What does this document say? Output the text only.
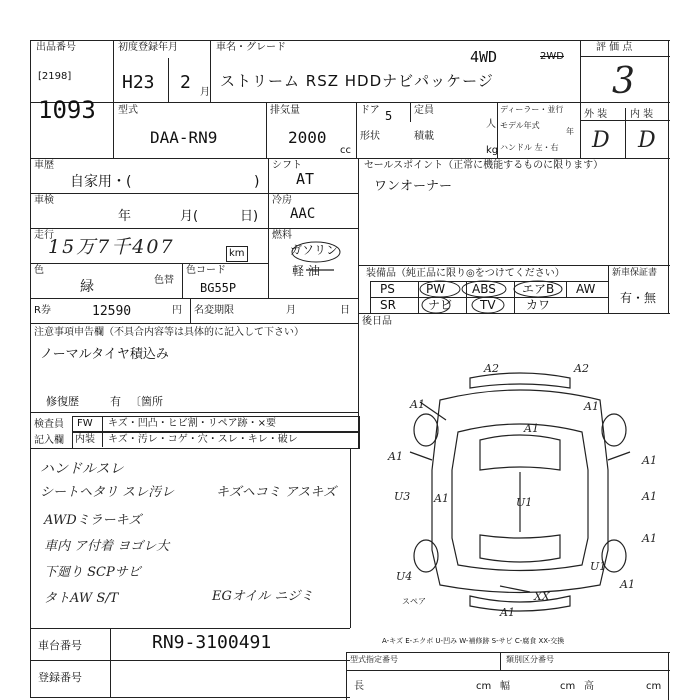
出品番号
[2198]
1093
初度登録年月
H23 2 月
車名・グレード
4WD	2WD
ストリーム RSZ HDDナビパッケージ
評 価 点
3
外 装 内 装
D D
型式
DAA-RN9
排気量
2000
cc
ドア 5 定員
人
形状	積載
kg
ディーラー・並行
モデル年式
年
ハンドル 左・右
車歴
自家用・(	)
車検
年	月(	日)
走行
15万7千407	km
色
緑	色替
色コード
BG55P
R券	12590	円 名変期限	月	日
シフト
AT
冷房
AAC
燃料
ガソリン
軽 油
セールスポイント（正常に機能するものに限ります）
ワンオーナー
装備品（純正品に限り◎をつけてください）	新車保証書
有・無
PS	PW ABS エアB AW
SR	ナビ TV	カワ
後日品
注意事項申告欄（不具合内容等は具体的に記入して下さい）
ノーマルタイヤ積込み
修復歴	有 〔箇所
検査員
記入欄
FW
内装
キズ・凹凸・ヒビ割・リペア跡・×要
キズ・汚レ・コゲ・穴・スレ・キレ・破レ
ハンドルスレ
シートヘタリ スレ汚レ	キズヘコミ アスキズ
AWDミラーキズ
車内 ア付着 ヨゴレ大
下廻り SCPサビ
タトAW S/T	EGオイル ニジミ
A2	A2
A1	A1
A1
A1	A1
U3 A1	U1	A1
A1
U1
XX
U4
A1
A1
スペア
車台番号	RN9-3100491
登録番号
A-キズ E-エクボ U-凹み W-補修跡 S-サビ C-腐食 XX-交換
型式指定番号	類別区分番号
長	cm 幅	cm 高	cm
